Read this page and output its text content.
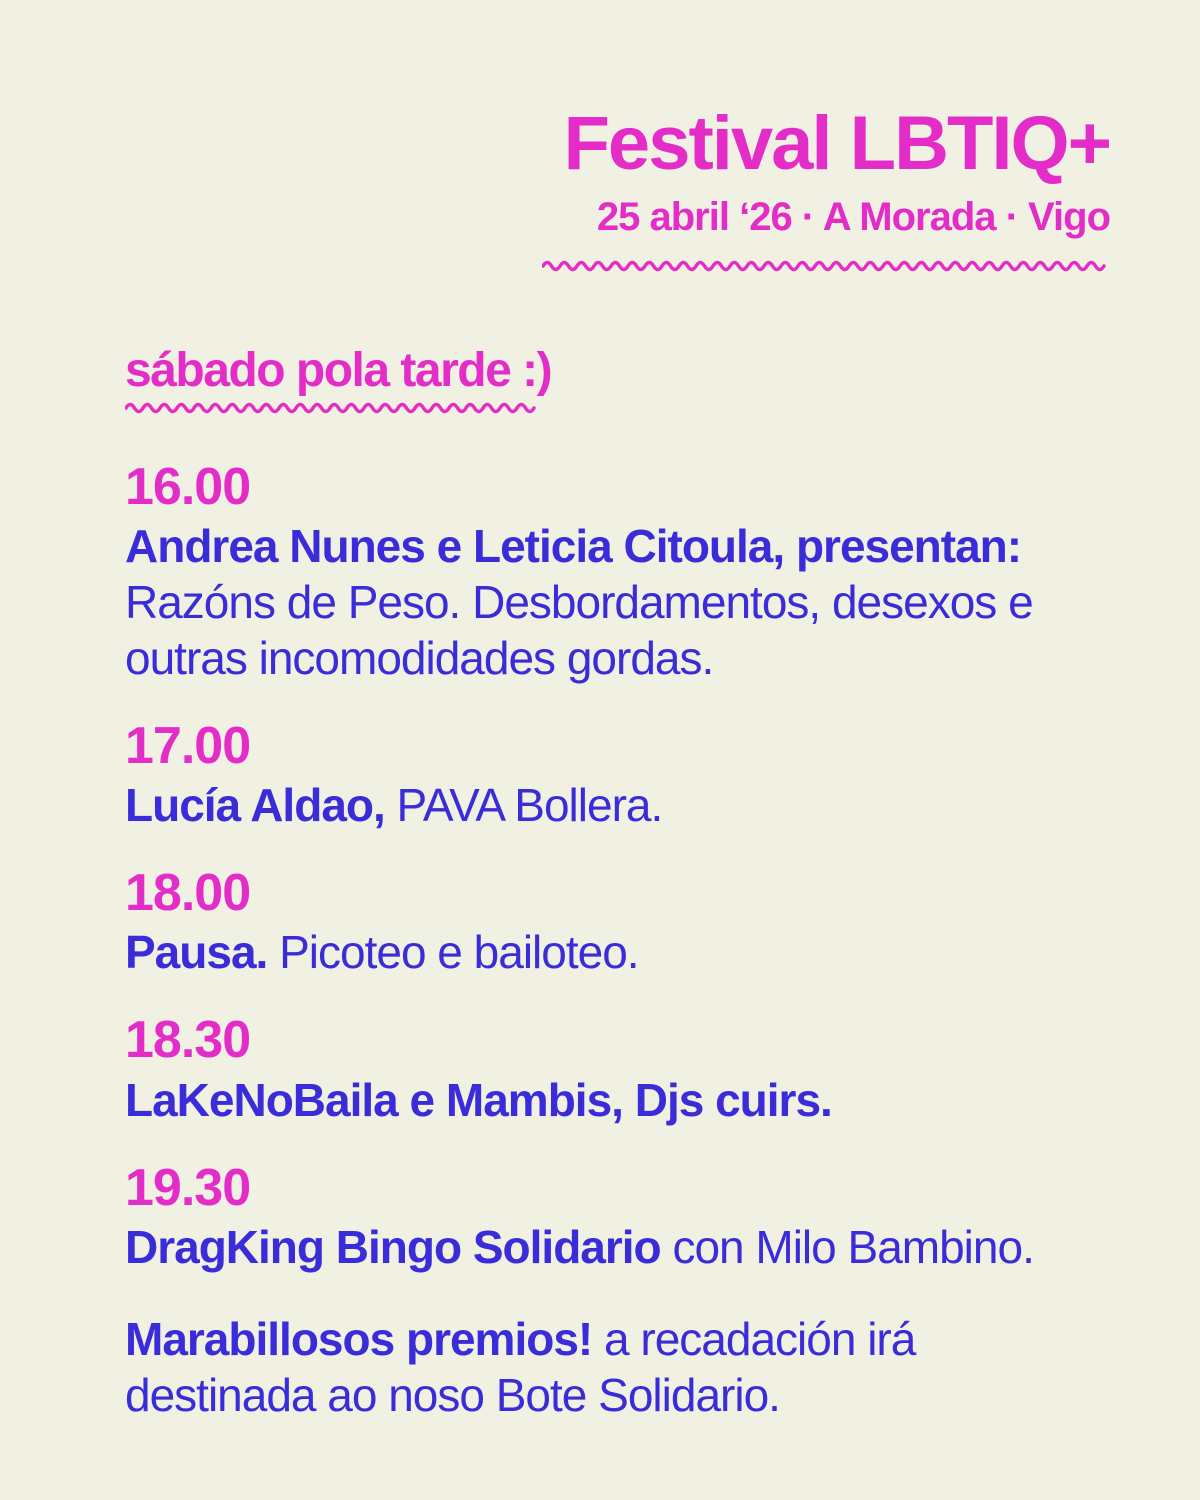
Festival LBTIQ+
25 abril ‘26 · A Morada · Vigo

sábado pola tarde :)
16.00
Andrea Nunes e Leticia Citoula, presentan:
Razóns de Peso. Desbordamentos, desexos e
outras incomodidades gordas.
17.00
Lucía Aldao, PAVA Bollera.
18.00
Pausa. Picoteo e bailoteo.
18.30
LaKeNoBaila e Mambis, Djs cuirs.
19.30
DragKing Bingo Solidario con Milo Bambino.
Marabillosos premios! a recadación irá
destinada ao noso Bote Solidario.
